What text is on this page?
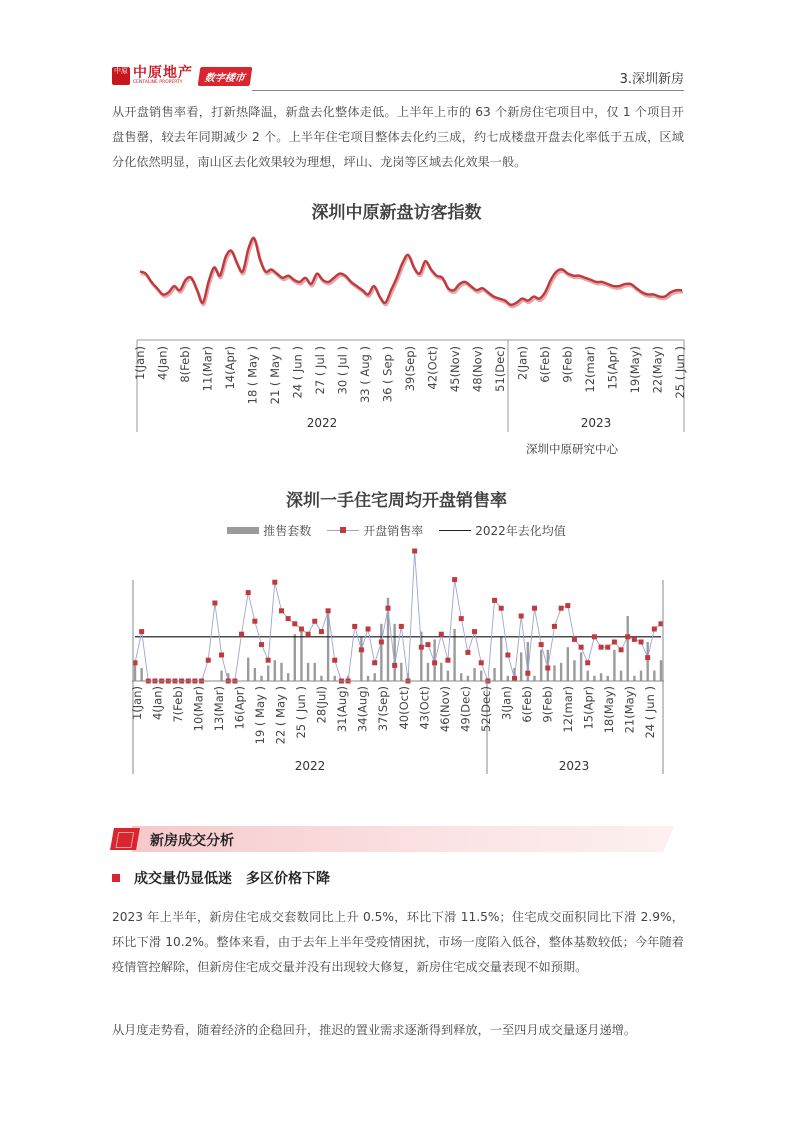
中原 中原地产
CENTALINE PROPERTY	数字楼市	3.深圳新房

从开盘销售率看，打新热降温，新盘去化整体走低。上半年上市的 63 个新房住宅项目中，仅 1 个项目开盘售罄，较去年同期减少 2 个。上半年住宅项目整体去化约三成，约七成楼盘开盘去化率低于五成，区域分化依然明显，南山区去化效果较为理想，坪山、龙岗等区域去化效果一般。

深圳中原新盘访客指数
1(Jan) 4(Jan) 8(Feb) 11(Mar) 14(Apr) 18 ( May ) 21 ( May ) 24 ( Jun ) 27 ( Jul ) 30 ( Jul ) 33 ( Aug ) 36 ( Sep ) 39(Sep) 42(Oct) 45(Nov) 48(Nov) 51(Dec) 2(Jan) 6(Feb) 9(Feb) 12(mar) 15(Apr) 19(May) 22(May) 25 ( Jun )
2022	2023
深圳中原研究中心
深圳一手住宅周均开盘销售率
推售套数	开盘销售率	2022年去化均值
1(Jan) 4(Jan) 7(Feb) 10(Mar) 13(Mar) 16(Apr) 19 ( May ) 22 ( May ) 25 ( Jun ) 28(Jul) 31(Aug) 34(Aug) 37(Sep) 40(Oct) 43(Oct) 46(Nov) 49(Dec) 52(Dec) 3(Jan) 6(Feb) 9(Feb) 12(mar) 15(Apr) 18(May) 21(May) 24 ( Jun )
2022	2023
新房成交分析
成交量仍显低迷　多区价格下降

2023 年上半年，新房住宅成交套数同比上升 0.5%，环比下滑 11.5%；住宅成交面积同比下滑 2.9%，环比下滑 10.2%。整体来看，由于去年上半年受疫情困扰，市场一度陷入低谷，整体基数较低；今年随着疫情管控解除，但新房住宅成交量并没有出现较大修复，新房住宅成交量表现不如预期。

从月度走势看，随着经济的企稳回升，推迟的置业需求逐渐得到释放，一至四月成交量逐月递增。
